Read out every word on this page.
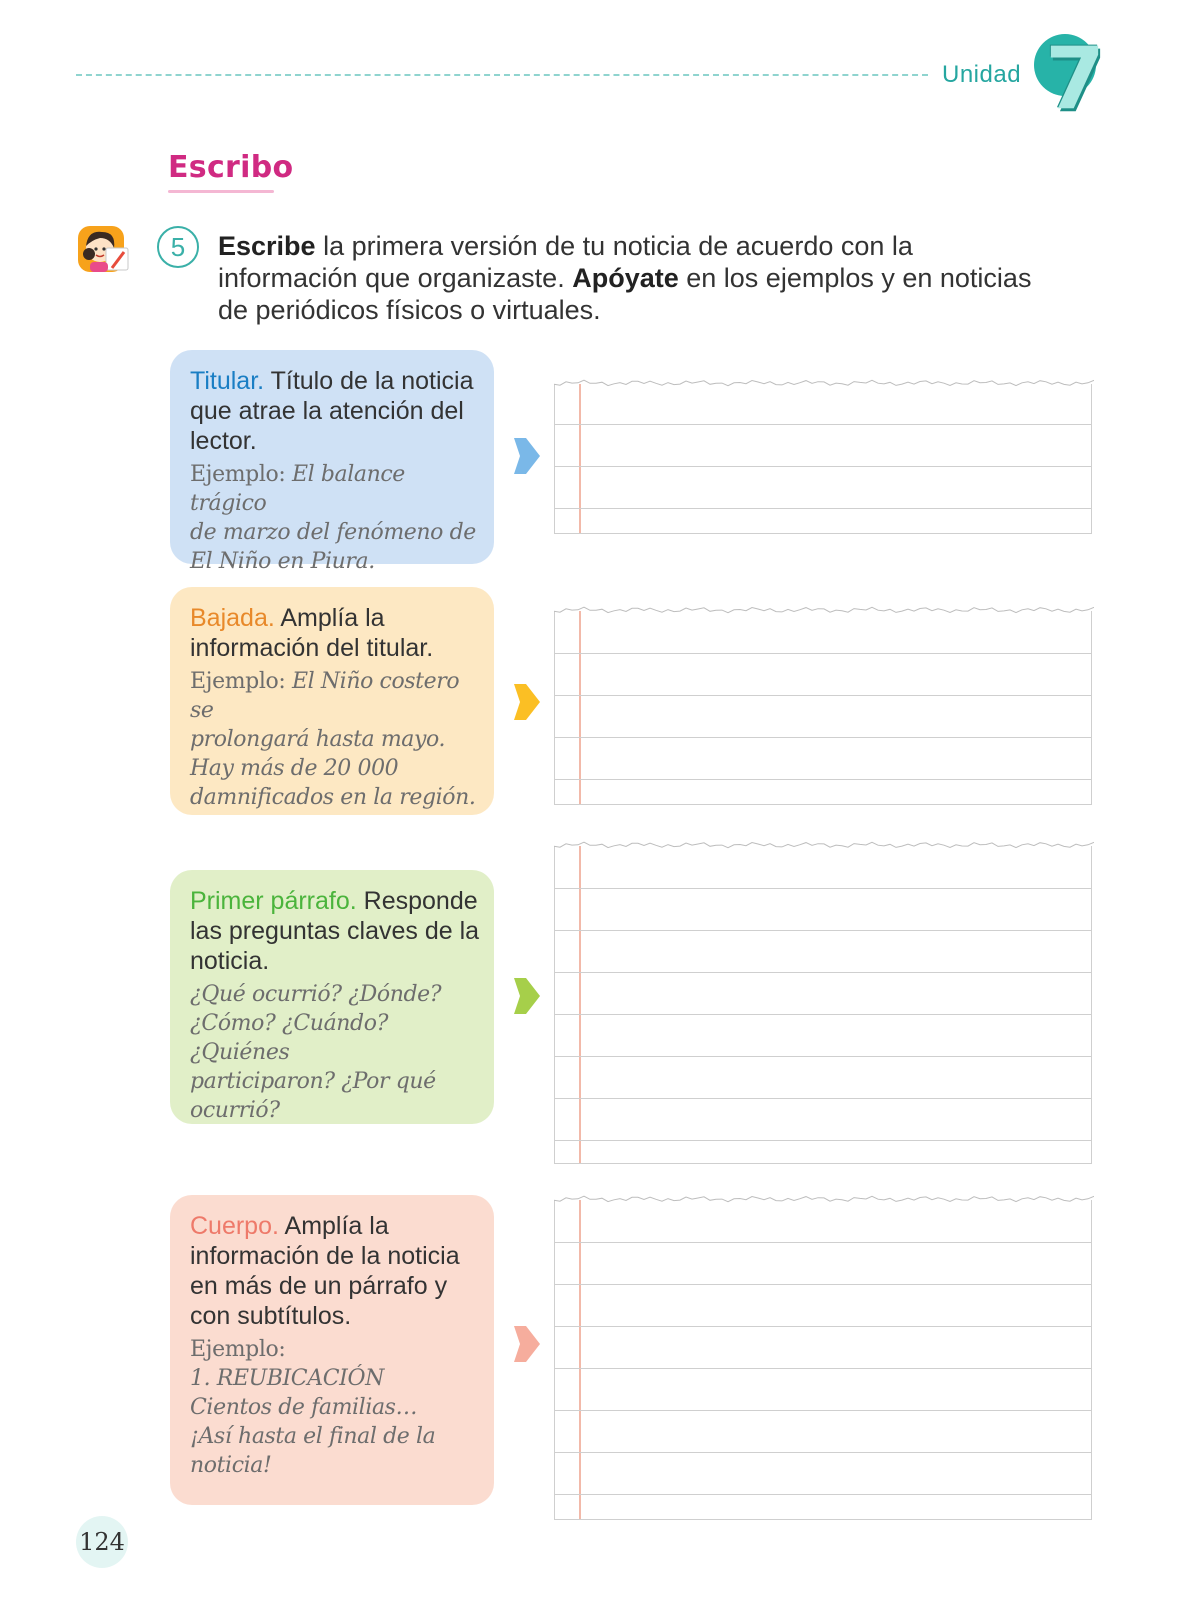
Unidad 7
Escribo
5	Escribe la primera versión de tu noticia de acuerdo con la información que organizaste. Apóyate en los ejemplos y en noticias de periódicos físicos o virtuales.
Titular. Título de la noticia que atrae la atención del lector.
Ejemplo: El balance trágico
de marzo del fenómeno de
El Niño en Piura.
Bajada. Amplía la información del titular.
Ejemplo: El Niño costero se
prolongará hasta mayo.
Hay más de 20 000
damnificados en la región.
Primer párrafo. Responde las preguntas claves de la noticia.
¿Qué ocurrió? ¿Dónde?
¿Cómo? ¿Cuándo? ¿Quiénes
participaron? ¿Por qué
ocurrió?
Cuerpo. Amplía la información de la noticia en más de un párrafo y con subtítulos.
Ejemplo:
1. REUBICACIÓN
Cientos de familias…
¡Así hasta el final de la
noticia!
124
